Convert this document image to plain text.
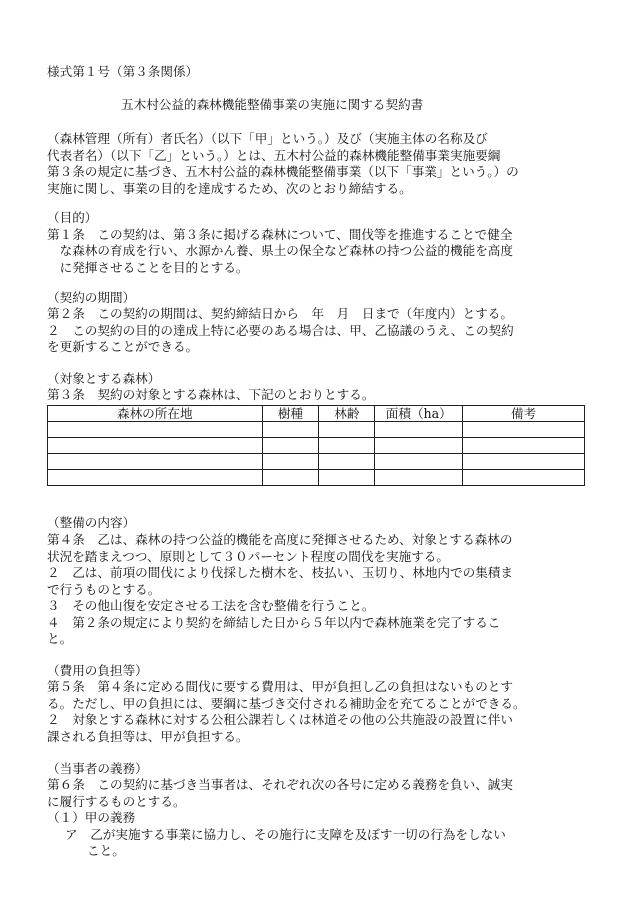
様式第１号（第３条関係）
五木村公益的森林機能整備事業の実施に関する契約書
（森林管理（所有）者氏名）（以下「甲」という。）及び（実施主体の名称及び
代表者名）（以下「乙」という。）とは、五木村公益的森林機能整備事業実施要綱
第３条の規定に基づき、五木村公益的森林機能整備事業（以下「事業」という。）の
実施に関し、事業の目的を達成するため、次のとおり締結する。
（目的）
第１条　この契約は、第３条に掲げる森林について、間伐等を推進することで健全
　な森林の育成を行い、水源かん養、県土の保全など森林の持つ公益的機能を高度
　に発揮させることを目的とする。
（契約の期間）
第２条　この契約の期間は、契約締結日から　年　月　日まで（年度内）とする。
２　この契約の目的の達成上特に必要のある場合は、甲、乙協議のうえ、この契約
を更新することができる。
（対象とする森林）
第３条　契約の対象とする森林は、下記のとおりとする。
森林の所在地	樹種	林齢	面積（ha）	備考

（整備の内容）
第４条　乙は、森林の持つ公益的機能を高度に発揮させるため、対象とする森林の
状況を踏まえつつ、原則として３０パーセント程度の間伐を実施する。
２　乙は、前項の間伐により伐採した樹木を、枝払い、玉切り、林地内での集積ま
で行うものとする。
３　その他山復を安定させる工法を含む整備を行うこと。
４　第２条の規定により契約を締結した日から５年以内で森林施業を完了するこ
と。
（費用の負担等）
第５条　第４条に定める間伐に要する費用は、甲が負担し乙の負担はないものとす
る。ただし、甲の負担には、要綱に基づき交付される補助金を充てることができる。
２　対象とする森林に対する公租公課若しくは林道その他の公共施設の設置に伴い
課される負担等は、甲が負担する。
（当事者の義務）
第６条　この契約に基づき当事者は、それぞれ次の各号に定める義務を負い、誠実
に履行するものとする。
（１）甲の義務
ア　乙が実施する事業に協力し、その施行に支障を及ぼす一切の行為をしない
こと。
